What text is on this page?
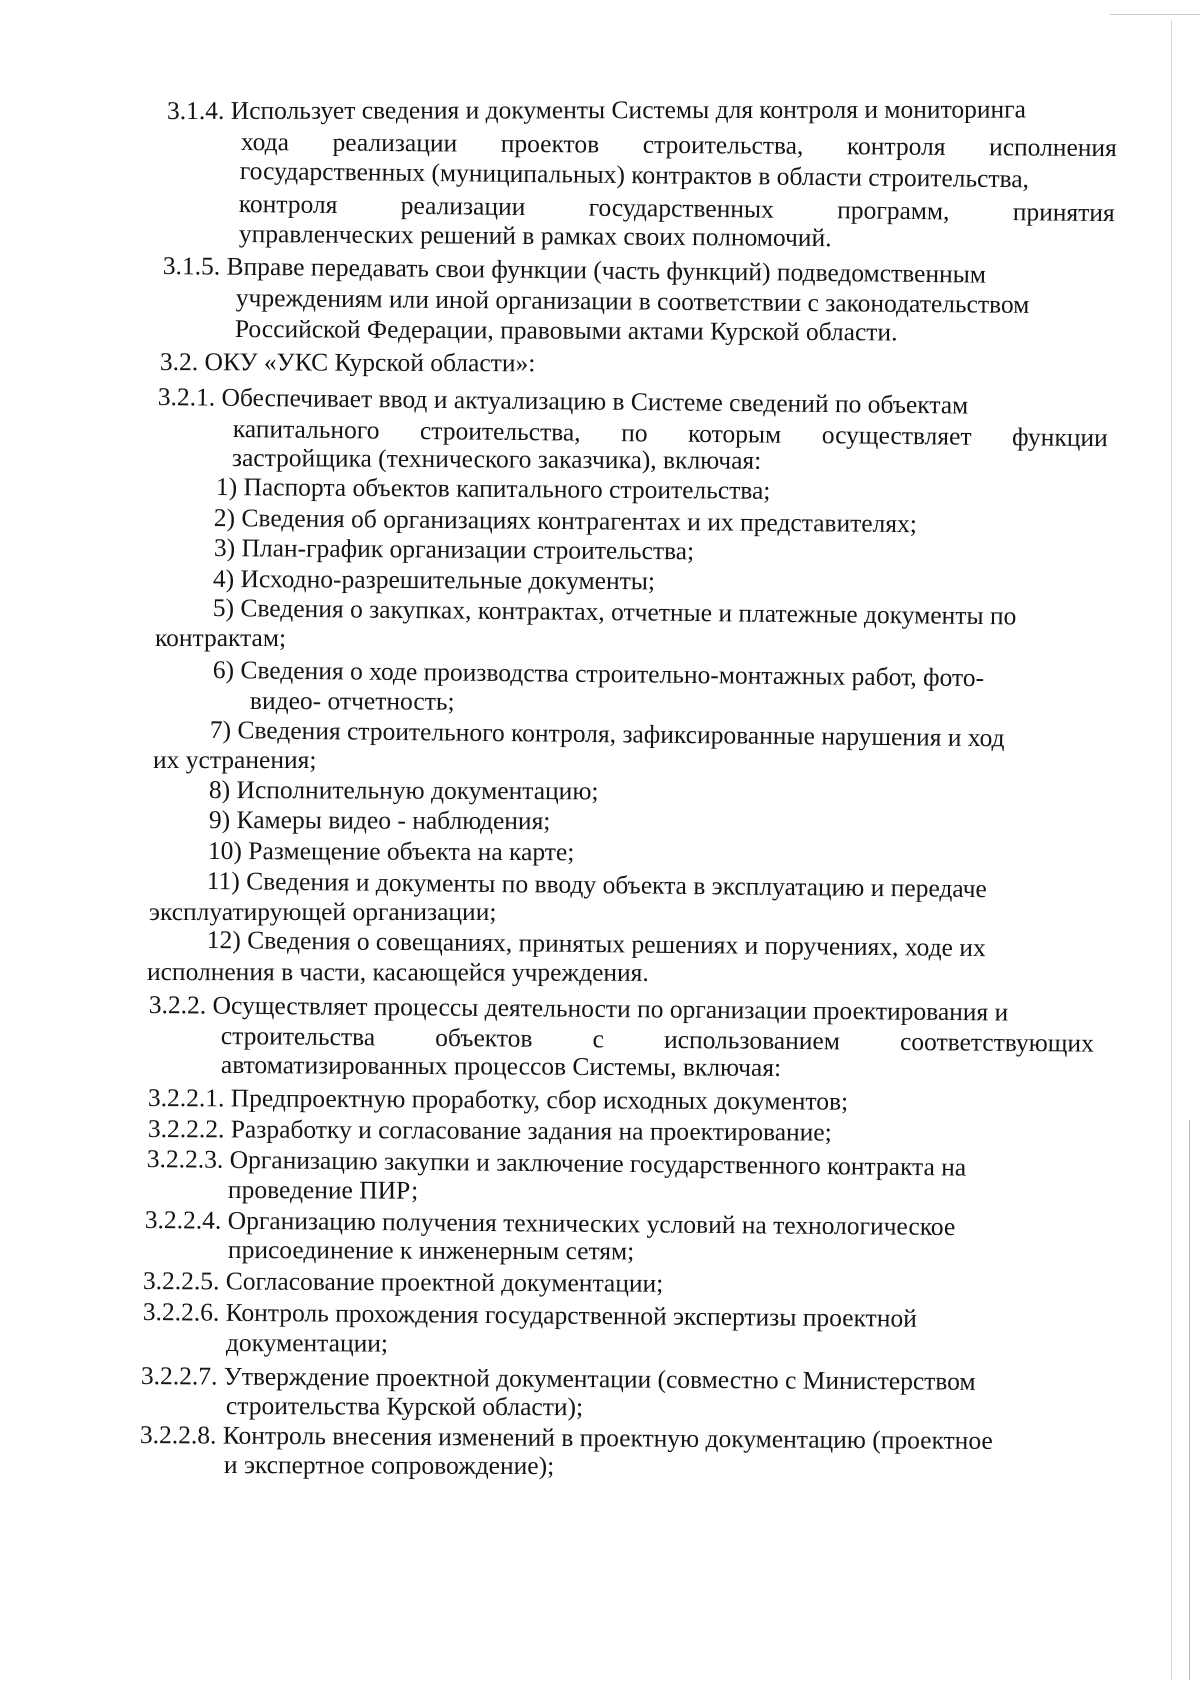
3.1.4. Использует сведения и документы Системы для контроля и мониторинга
хода реализации проектов строительства, контроля исполнения
государственных (муниципальных) контрактов в области строительства,
контроля реализации государственных программ, принятия
управленческих решений в рамках своих полномочий.
3.1.5. Вправе передавать свои функции (часть функций) подведомственным
учреждениям или иной организации в соответствии с законодательством
Российской Федерации, правовыми актами Курской области.
3.2. ОКУ «УКС Курской области»:
3.2.1. Обеспечивает ввод и актуализацию в Системе сведений по объектам
капитального строительства, по которым осуществляет функции
застройщика (технического заказчика), включая:
1) Паспорта объектов капитального строительства;
2) Сведения об организациях контрагентах и их представителях;
3) План-график организации строительства;
4) Исходно-разрешительные документы;
5) Сведения о закупках, контрактах, отчетные и платежные документы по
контрактам;
6) Сведения о ходе производства строительно-монтажных работ, фото-
видео- отчетность;
7) Сведения строительного контроля, зафиксированные нарушения и ход
их устранения;
8) Исполнительную документацию;
9) Камеры видео - наблюдения;
10) Размещение объекта на карте;
11) Сведения и документы по вводу объекта в эксплуатацию и передаче
эксплуатирующей организации;
12) Сведения о совещаниях, принятых решениях и поручениях, ходе их
исполнения в части, касающейся учреждения.
3.2.2. Осуществляет процессы деятельности по организации проектирования и
строительства объектов с использованием соответствующих
автоматизированных процессов Системы, включая:
3.2.2.1. Предпроектную проработку, сбор исходных документов;
3.2.2.2. Разработку и согласование задания на проектирование;
3.2.2.3. Организацию закупки и заключение государственного контракта на
проведение ПИР;
3.2.2.4. Организацию получения технических условий на технологическое
присоединение к инженерным сетям;
3.2.2.5. Согласование проектной документации;
3.2.2.6. Контроль прохождения государственной экспертизы проектной
документации;
3.2.2.7. Утверждение проектной документации (совместно с Министерством
строительства Курской области);
3.2.2.8. Контроль внесения изменений в проектную документацию (проектное
и экспертное сопровождение);
